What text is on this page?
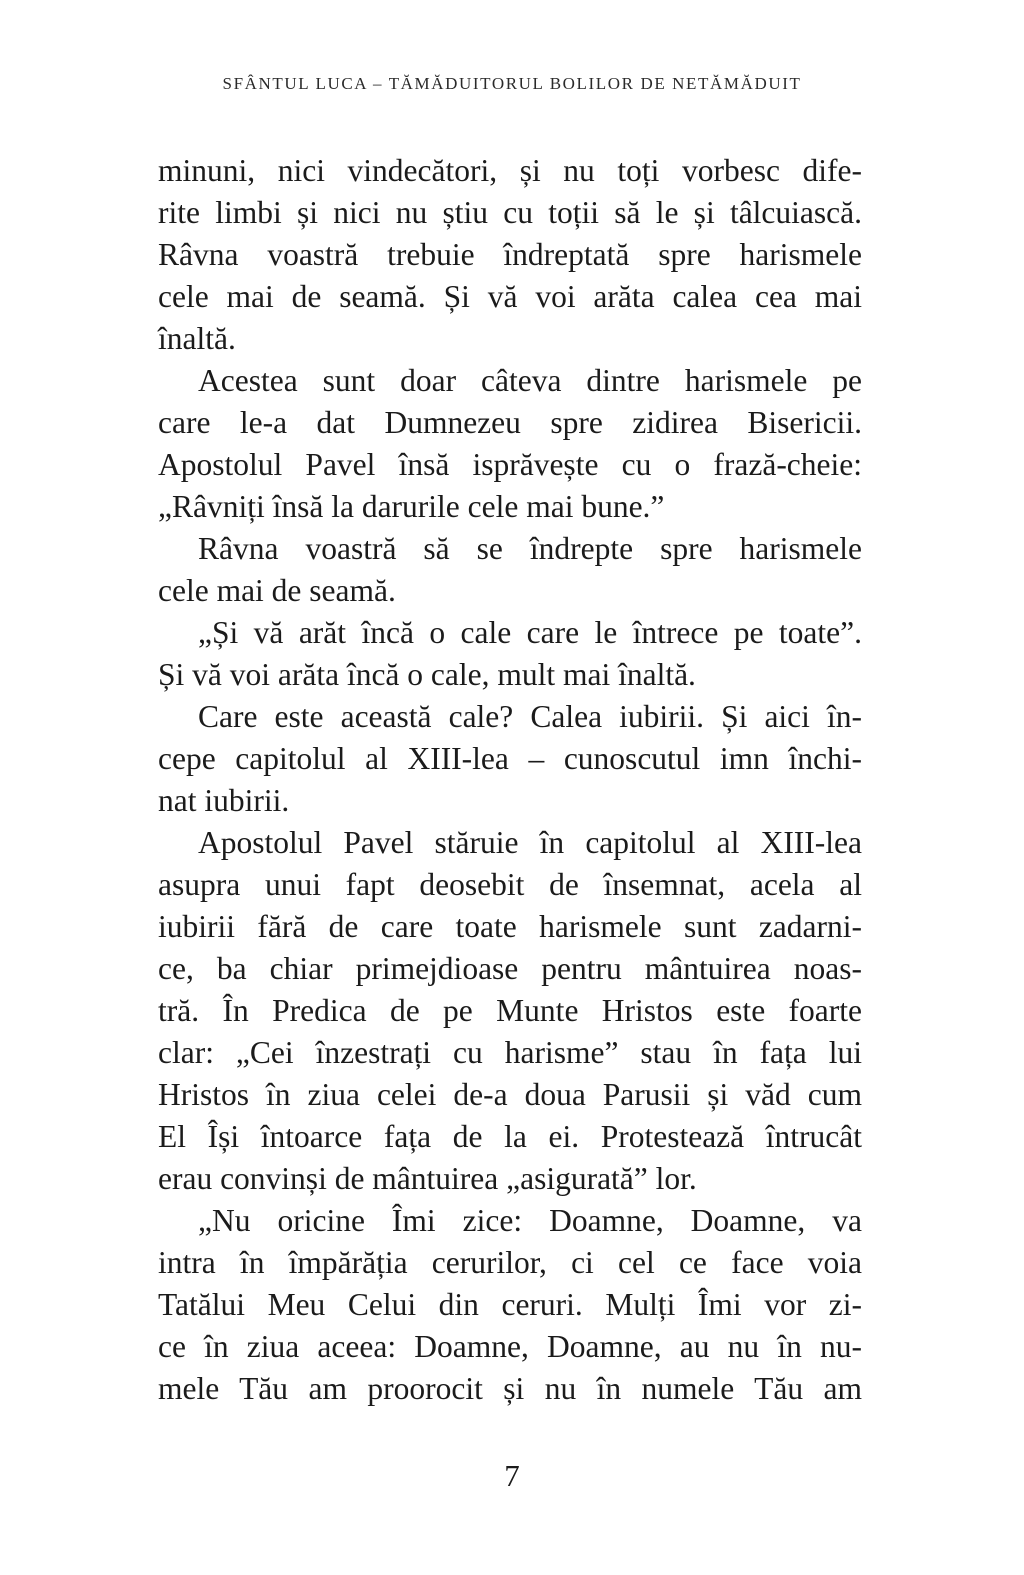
SFÂNTUL LUCA – TĂMĂDUITORUL BOLILOR DE NETĂMĂDUIT
minuni, nici vindecători, și nu toți vorbesc dife-
rite limbi și nici nu știu cu toții să le și tâlcuiască.
Râvna voastră trebuie îndreptată spre harismele
cele mai de seamă. Și vă voi arăta calea cea mai
înaltă.
Acestea sunt doar câteva dintre harismele pe
care le-a dat Dumnezeu spre zidirea Bisericii.
Apostolul Pavel însă isprăvește cu o frază-cheie:
„Râvniți însă la darurile cele mai bune.”
Râvna voastră să se îndrepte spre harismele
cele mai de seamă.
„Și vă arăt încă o cale care le întrece pe toate”.
Și vă voi arăta încă o cale, mult mai înaltă.
Care este această cale? Calea iubirii. Și aici în-
cepe capitolul al XIII-lea – cunoscutul imn închi-
nat iubirii.
Apostolul Pavel stăruie în capitolul al XIII-lea
asupra unui fapt deosebit de însemnat, acela al
iubirii fără de care toate harismele sunt zadarni-
ce, ba chiar primejdioase pentru mântuirea noas-
tră. În Predica de pe Munte Hristos este foarte
clar: „Cei înzestrați cu harisme” stau în fața lui
Hristos în ziua celei de-a doua Parusii și văd cum
El Își întoarce fața de la ei. Protestează întrucât
erau convinși de mântuirea „asigurată” lor.
„Nu oricine Îmi zice: Doamne, Doamne, va
intra în împărăția cerurilor, ci cel ce face voia
Tatălui Meu Celui din ceruri. Mulți Îmi vor zi-
ce în ziua aceea: Doamne, Doamne, au nu în nu-
mele Tău am proorocit și nu în numele Tău am
7
